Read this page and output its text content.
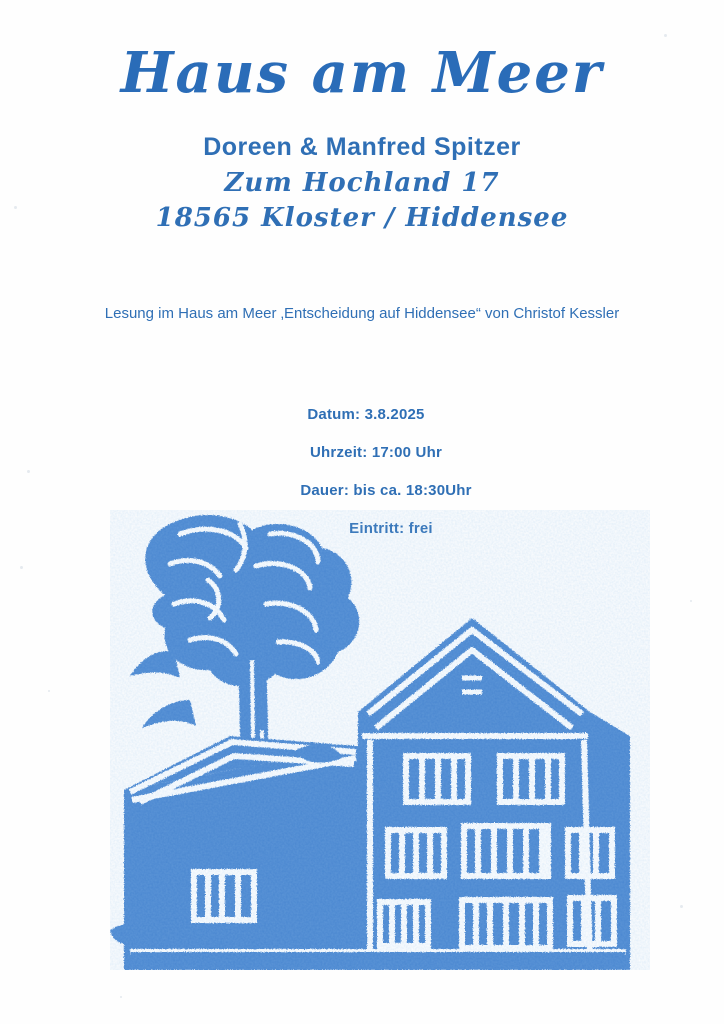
Haus am Meer
Doreen & Manfred Spitzer
Zum Hochland 17
18565 Kloster / Hiddensee
Lesung im Haus am Meer ‚Entscheidung auf Hiddensee“ von Christof Kessler
Datum: 3.8.2025
Uhrzeit: 17:00 Uhr
Dauer: bis ca. 18:30Uhr
